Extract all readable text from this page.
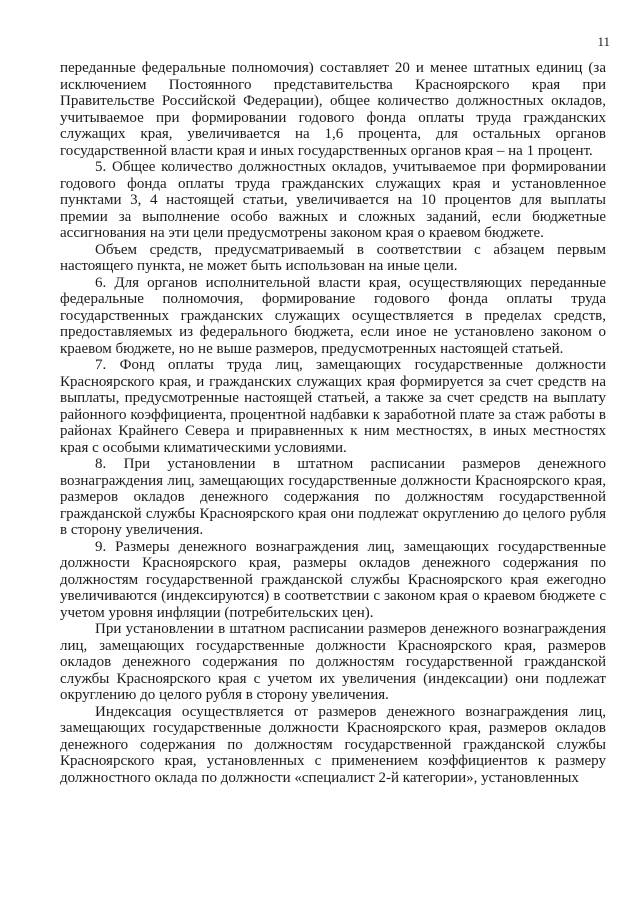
11

переданные федеральные полномочия) составляет 20 и менее штатных единиц (за исключением Постоянного представительства Красноярского края при Правительстве Российской Федерации), общее количество должностных окладов, учитываемое при формировании годового фонда оплаты труда гражданских служащих края, увеличивается на 1,6 процента, для остальных органов государственной власти края и иных государственных органов края – на 1 процент.

5. Общее количество должностных окладов, учитываемое при формировании годового фонда оплаты труда гражданских служащих края и установленное пунктами 3, 4 настоящей статьи, увеличивается на 10 процентов для выплаты премии за выполнение особо важных и сложных заданий, если бюджетные ассигнования на эти цели предусмотрены законом края о краевом бюджете.

Объем средств, предусматриваемый в соответствии с абзацем первым настоящего пункта, не может быть использован на иные цели.

6. Для органов исполнительной власти края, осуществляющих переданные федеральные полномочия, формирование годового фонда оплаты труда государственных гражданских служащих осуществляется в пределах средств, предоставляемых из федерального бюджета, если иное не установлено законом о краевом бюджете, но не выше размеров, предусмотренных настоящей статьей.

7. Фонд оплаты труда лиц, замещающих государственные должности Красноярского края, и гражданских служащих края формируется за счет средств на выплаты, предусмотренные настоящей статьей, а также за счет средств на выплату районного коэффициента, процентной надбавки к заработной плате за стаж работы в районах Крайнего Севера и приравненных к ним местностях, в иных местностях края с особыми климатическими условиями.

8. При установлении в штатном расписании размеров денежного вознаграждения лиц, замещающих государственные должности Красноярского края, размеров окладов денежного содержания по должностям государственной гражданской службы Красноярского края они подлежат округлению до целого рубля в сторону увеличения.

9. Размеры денежного вознаграждения лиц, замещающих государственные должности Красноярского края, размеры окладов денежного содержания по должностям государственной гражданской службы Красноярского края ежегодно увеличиваются (индексируются) в соответствии с законом края о краевом бюджете с учетом уровня инфляции (потребительских цен).

При установлении в штатном расписании размеров денежного вознаграждения лиц, замещающих государственные должности Красноярского края, размеров окладов денежного содержания по должностям государственной гражданской службы Красноярского края с учетом их увеличения (индексации) они подлежат округлению до целого рубля в сторону увеличения.

Индексация осуществляется от размеров денежного вознаграждения лиц, замещающих государственные должности Красноярского края, размеров окладов денежного содержания по должностям государственной гражданской службы Красноярского края, установленных с применением коэффициентов к размеру должностного оклада по должности «специалист 2-й категории», установленных
